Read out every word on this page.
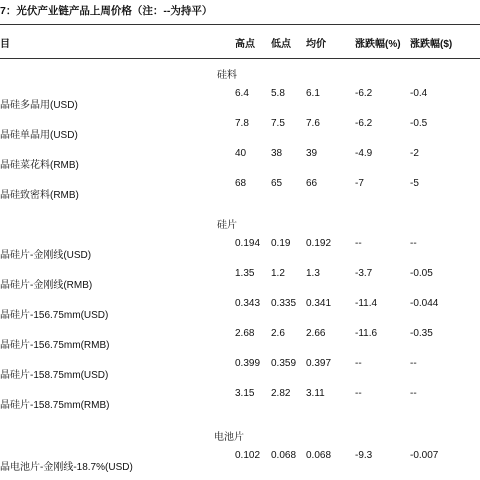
7：光伏产业链产品上周价格（注：--为持平）
目	高点 低点 均价	涨跌幅(%) 涨跌幅($)
硅料
6.4 5.8 6.1	-6.2	-0.4
晶硅多晶用(USD)
7.8 7.5 7.6	-6.2	-0.5
晶硅单晶用(USD)
40 38 39	-4.9	-2
晶硅菜花料(RMB)
68 65 66	-7	-5
晶硅致密料(RMB)
硅片
0.194 0.19 0.192 --	--
晶硅片-金刚线(USD)
1.35 1.2 1.3	-3.7	-0.05
晶硅片-金刚线(RMB)
0.343 0.335 0.341 -11.4	-0.044
晶硅片-156.75mm(USD)
2.68 2.6 2.66	-11.6	-0.35
晶硅片-156.75mm(RMB)
0.399 0.359 0.397 --	--
晶硅片-158.75mm(USD)
3.15 2.82 3.11	--	--
晶硅片-158.75mm(RMB)
电池片
0.102 0.068 0.068 -9.3	-0.007
晶电池片-金刚线-18.7%(USD)
